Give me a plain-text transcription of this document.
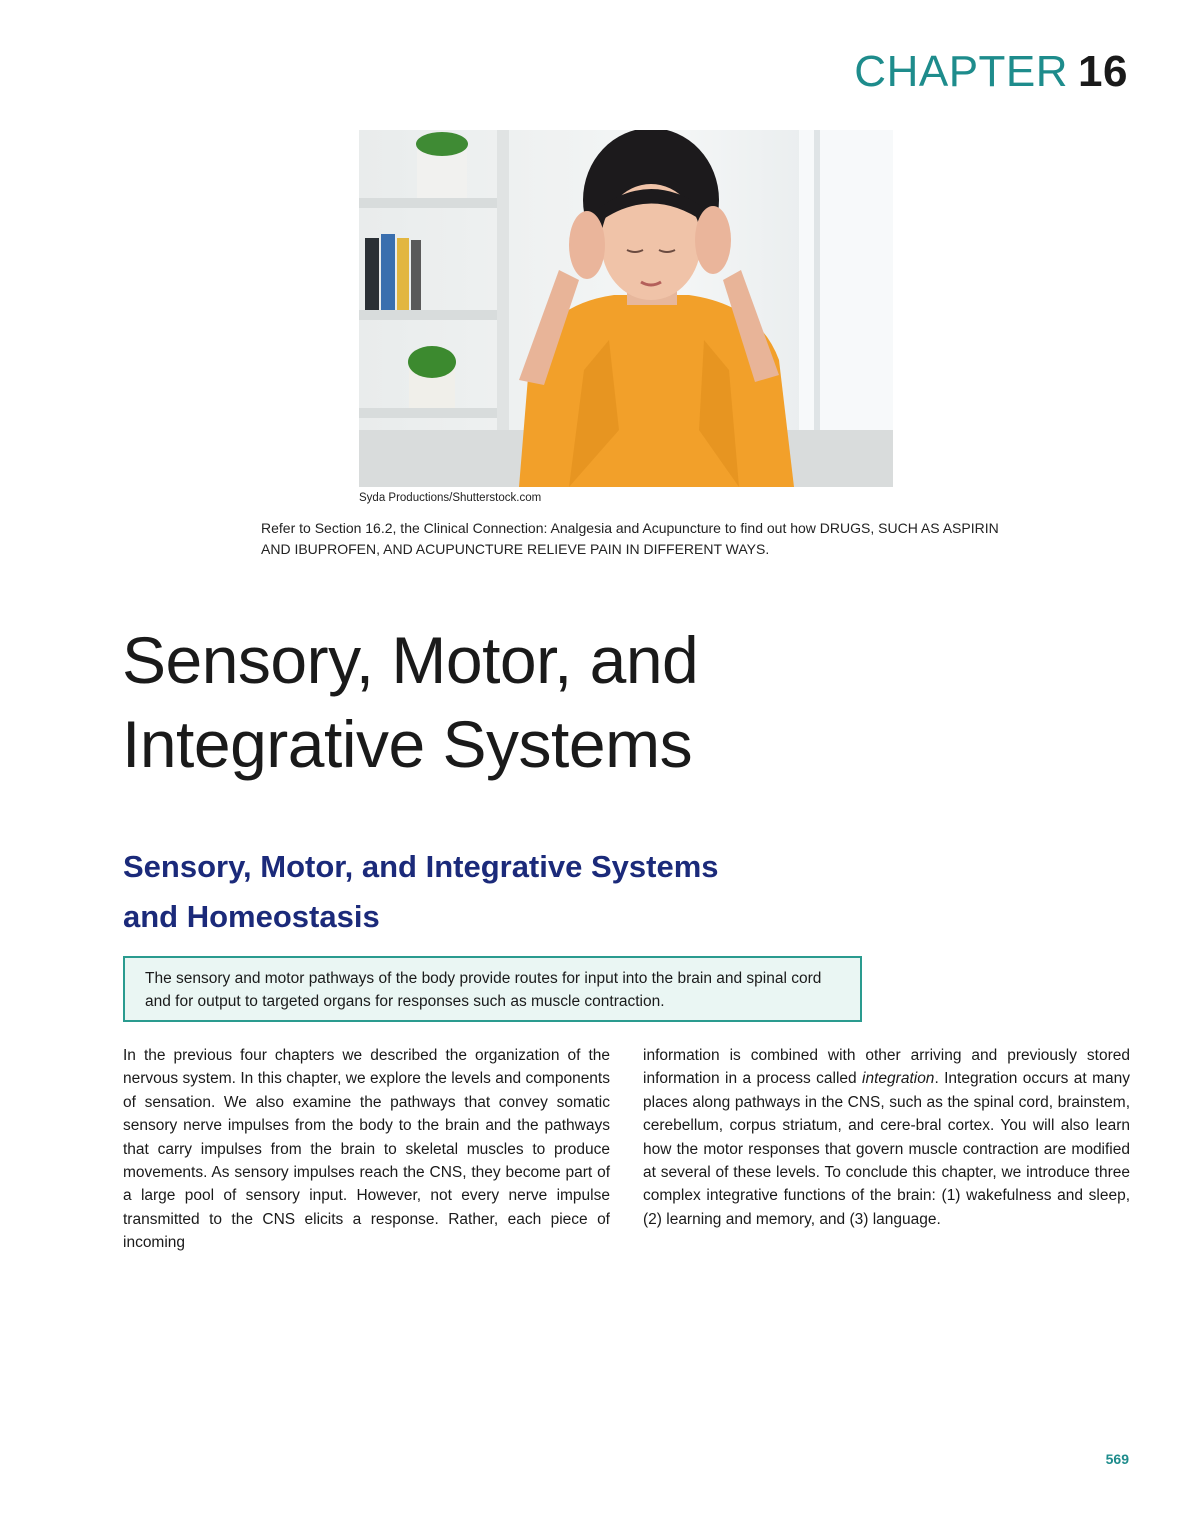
CHAPTER 16
Syda Productions/Shutterstock.com
Refer to Section 16.2, the Clinical Connection: Analgesia and Acupuncture to find out how DRUGS, SUCH AS ASPIRIN AND IBUPROFEN, AND ACUPUNCTURE RELIEVE PAIN IN DIFFERENT WAYS.
Sensory, Motor, and
Integrative Systems
Sensory, Motor, and Integrative Systems
and Homeostasis
The sensory and motor pathways of the body provide routes for input into the brain and spinal cord and for output to targeted organs for responses such as muscle contraction.

In the previous four chapters we described the organization of the nervous system. In this chapter, we explore the levels and components of sensation. We also examine the pathways that convey somatic sensory nerve impulses from the body to the brain and the pathways that carry impulses from the brain to skeletal muscles to produce movements. As sensory impulses reach the CNS, they become part of a large pool of sensory input. However, not every nerve impulse transmitted to the CNS elicits a response. Rather, each piece of incoming

information is combined with other arriving and previously stored information in a process called integration. Integration occurs at many places along pathways in the CNS, such as the spinal cord, brainstem, cerebellum, corpus striatum, and cere-bral cortex. You will also learn how the motor responses that govern muscle contraction are modified at several of these levels. To conclude this chapter, we introduce three complex integrative functions of the brain: (1) wakefulness and sleep, (2) learning and memory, and (3) language.

569
